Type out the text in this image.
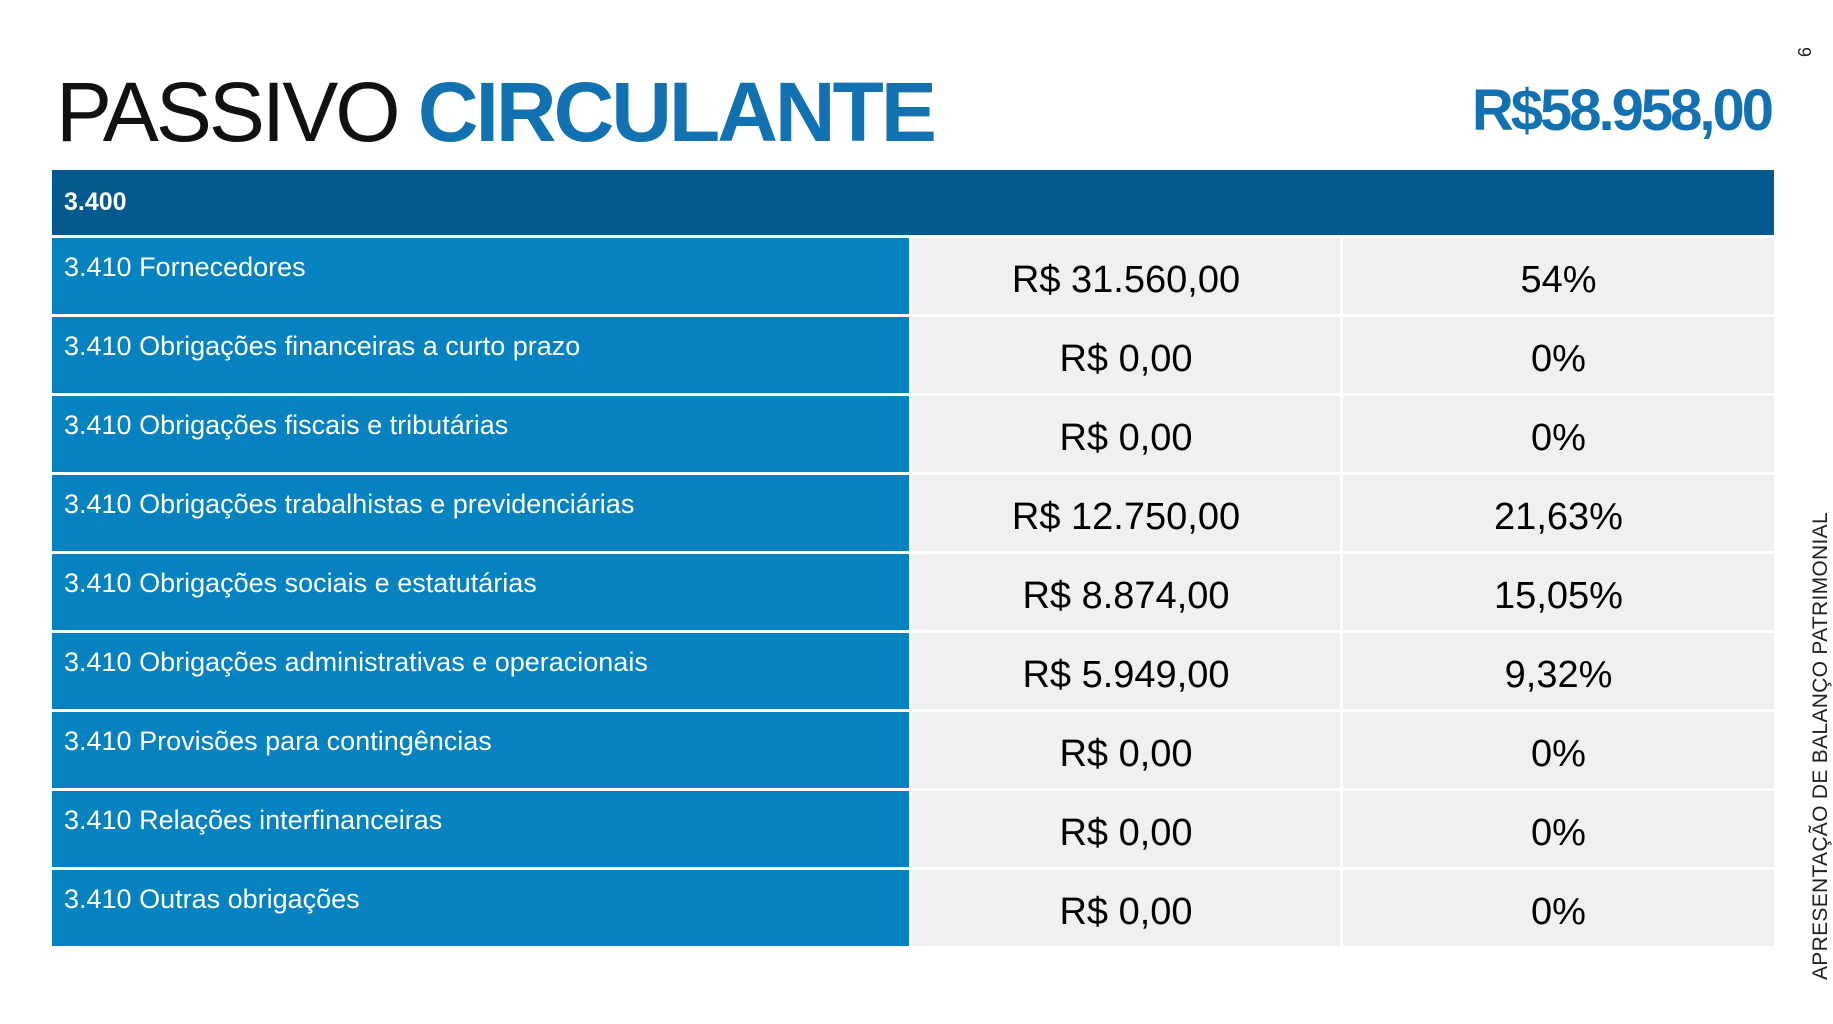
PASSIVO CIRCULANTE	R$58.958,00
9
APRESENTAÇÃO DE BALANÇO PATRIMONIAL
3.400
3.410 Fornecedores	R$ 31.560,00	54%
3.410 Obrigações financeiras a curto prazo	R$ 0,00	0%
3.410 Obrigações fiscais e tributárias	R$ 0,00	0%
3.410 Obrigações trabalhistas e previdenciárias	R$ 12.750,00	21,63%
3.410 Obrigações sociais e estatutárias	R$ 8.874,00	15,05%
3.410 Obrigações administrativas e operacionais	R$ 5.949,00	9,32%
3.410 Provisões para contingências	R$ 0,00	0%
3.410 Relações interfinanceiras	R$ 0,00	0%
3.410 Outras obrigações	R$ 0,00	0%
